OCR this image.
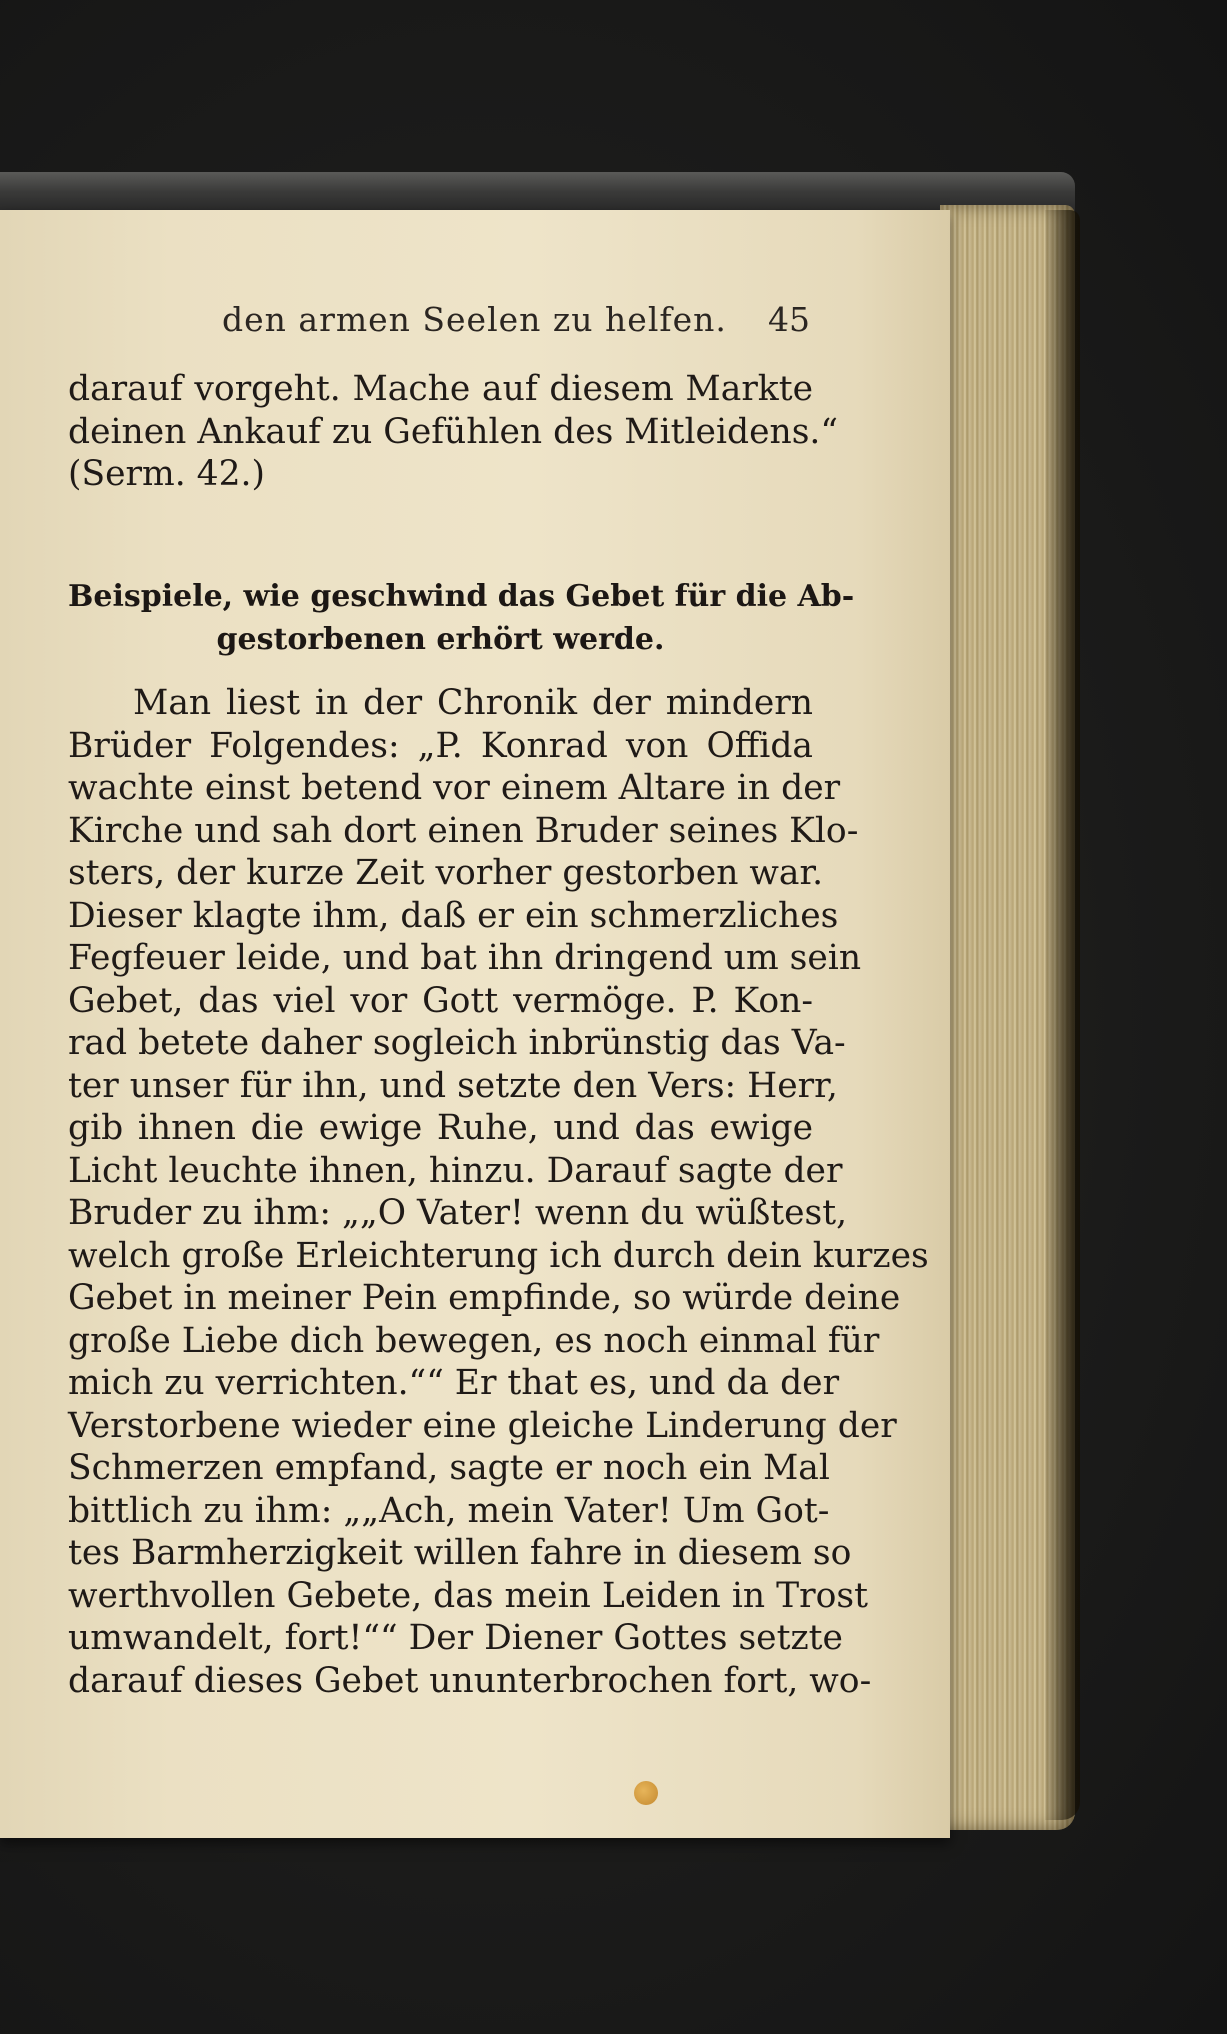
den armen Seelen zu helfen. 45
darauf vorgeht. Mache auf diesem Markte
deinen Ankauf zu Gefühlen des Mitleidens.“
(Serm. 42.)
Beispiele, wie geschwind das Gebet für die Ab-
gestorbenen erhört werde.
Man liest in der Chronik der mindern
Brüder Folgendes: „P. Konrad von Offida
wachte einst betend vor einem Altare in der
Kirche und sah dort einen Bruder seines Klo-
sters, der kurze Zeit vorher gestorben war.
Dieser klagte ihm, daß er ein schmerzliches
Fegfeuer leide, und bat ihn dringend um sein
Gebet, das viel vor Gott vermöge. P. Kon-
rad betete daher sogleich inbrünstig das Va-
ter unser für ihn, und setzte den Vers: Herr,
gib ihnen die ewige Ruhe, und das ewige
Licht leuchte ihnen, hinzu. Darauf sagte der
Bruder zu ihm: „„O Vater! wenn du wüßtest,
welch große Erleichterung ich durch dein kurzes
Gebet in meiner Pein empfinde, so würde deine
große Liebe dich bewegen, es noch einmal für
mich zu verrichten.““ Er that es, und da der
Verstorbene wieder eine gleiche Linderung der
Schmerzen empfand, sagte er noch ein Mal
bittlich zu ihm: „„Ach, mein Vater! Um Got-
tes Barmherzigkeit willen fahre in diesem so
werthvollen Gebete, das mein Leiden in Trost
umwandelt, fort!““ Der Diener Gottes setzte
darauf dieses Gebet ununterbrochen fort, wo-
